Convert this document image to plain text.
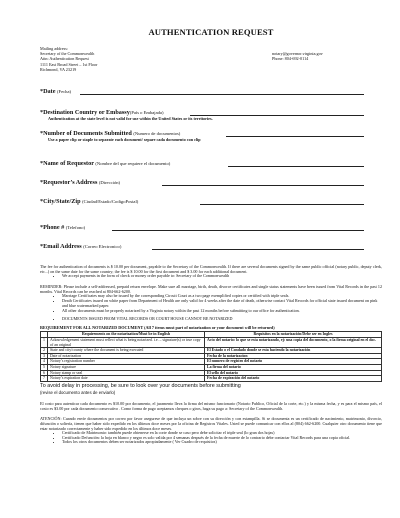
AUTHENTICATION REQUEST
Mailing address:
Secretary of the Commonwealth
Attn: Authentication Request
1111 East Broad Street – 1st Floor
Richmond, VA 23219
notary@governor.virginia.gov
Phone: 804-692-0114
*Date (Fecha)
*Destination Country or Embassy(País o Embajada)
Authentication at the state level is not valid for use within the United States or its territories.
*Number of Documents Submitted (Numero de documentos)
Use a paper clip or staple to separate each document/ separe cada documento con clip
*Name of Requestor (Nombre del que requiere el documento)
*Requestor’s Address (Dirección)
*City/State/Zip (Ciudad/Estado/CodigoPostal)
*Phone # (Telefono)
*Email Address (Correo Electronico)
The fee for authentication of documents is $ 10.00 per document, payable to the Secretary of the Commonwealth. If there are several documents signed by the same public official (notary public, deputy clerk, etc...) on the same date for the same country; the fee is $ 10.00 for the first document and $ 3.00 for each additional document.
• We accept payments in the form of check or money order payable to: Secretary of the Commonwealth
REMINDER: Please include a self-addressed, prepaid return envelope. Make sure all marriage, birth, death, divorce certificates and single status statements have been issued from Vital Records in the past 12 months. Vital Records can be reached at 804-662-6200.
• Marriage Certificates may also be issued by the corresponding Circuit Court as a two page exemplified copies or certified with triple seals.
• Death Certificates issued on white paper from Department of Health are only valid for 4 weeks after the date of death, otherwise contact Vital Records for official state issued document on pink and blue watermarked paper.
• All other documents must be properly notarized by a Virginia notary within the past 12 months before submitting to our office for authentication.
• DOCUMENTS ISSUED FROM VITAL RECORDS OR COURT HOUSE CANNOT BE NOTARIZED
REQUIREMENT FOR ALL NOTARIZED DOCUMENT (All 7 items must part of notarization or your document will be returned)
	Requirements on the notarization/Must be in English	Requisitos en la notarización/Debe ser en Ingles
1	Acknowledgement statement must reflect what is being notarized. i.e. – signature(s) or true copy of an original	Acto del notario: lo que se esta notarizando, ej: una copia del documento, o la firma original en el doc.
2	State and city/county where the document is being executed	El Estado o el Condado donde se esta haciendo la notarización
3	Date of notarization	Fecha de la notarizacion
4	Notary’s registration number	El numero de registro del notario
5	Notary signature	La firma del notario
6	Notary stamp or seal	El sello del notario
7	Notary’s expiration date	Fecha de expiración del notario
To avoid delay in processing, be sure to look over your documents before submitting
(revise el documento antes de enviarlo)
El costo para autenticar cada documento es $10.00 por documento, el juramento lleva la firma del mismo funcionario (Notario Publico, Oficial de la corte, etc.) y la misma fecha, y es para el mismo país, el costo es $3.00 por cada documento consecutivo . Como forma de pago aceptamos cheques o giros, haga su pago a: Secretary of the Commonwealth.
ATENCIÓN: Cuando envíe documentos por correo por favor asegurese de que incluya un sobre con su dirección y con estampilla. Si se documenta es un certificado de nacimiento, matrimonio, divorcio, difunción o soltería, tienen que haber sido expedido en los últimos doce meses por la oficina de Registros Vitales. Usted se puede comunicar con ellos al (804) 662-6200. Cualquier otro documento tiene que estar notarizado correctamente y haber sido expedido en los últimos doce meses.
• Certificado de Matrimonio: también puede obtenerse en la corte donde se caso pero debe solicitar el triple seal (lo gran dos hojas)
• Certificado Defunción: la hoja en blanco y negro es solo valida por 4 semanas después de la fecha de muerte de lo contrario debe contactar Vital Records para una copia oficial.
• Todos los otros documentos deben ser notarizados apropiadamente ( Ver Cuadro de requisitos)
